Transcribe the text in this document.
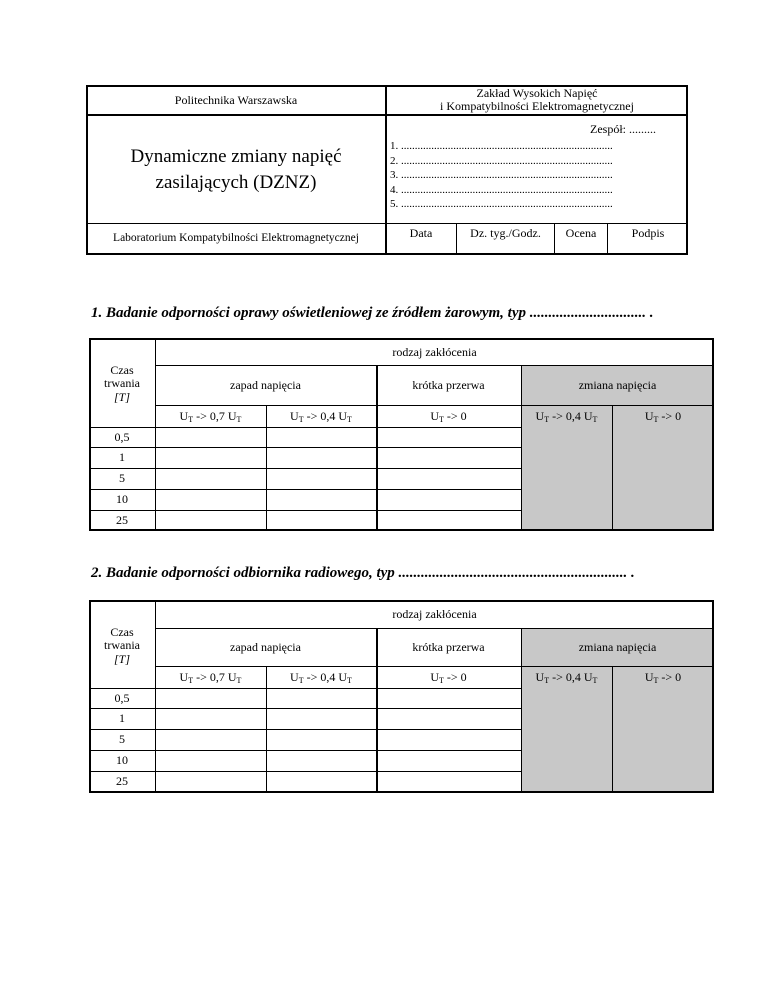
Politechnika Warszawska	Zakład Wysokich Napięć
i Kompatybilności Elektromagnetycznej
Dynamiczne zmiany napięć
zasilających (DZNZ)
Laboratorium Kompatybilności Elektromagnetycznej
Zespół: .........
1. .............................................................................
2. .............................................................................
3. .............................................................................
4. .............................................................................
5. .............................................................................
Data	Dz. tyg./Godz.	Ocena	Podpis
1. Badanie odporności oprawy oświetleniowej ze źródłem żarowym, typ ............................... .
Czas
trwania
[T]
rodzaj zakłócenia
zapad napięcia	krótka przerwa	zmiana napięcia
$U_T -> 0,7$ $U_T$	$U_T -> 0,4$ $U_T$	$U_T -> 0$	$U_T -> 0,4$ $U_T$	$U_T -> 0$
0,5
1
5
10
25
2. Badanie odporności odbiornika radiowego, typ ............................................................. .
Czas
trwania
[T]
rodzaj zakłócenia
zapad napięcia	krótka przerwa	zmiana napięcia
$U_T -> 0,7$ $U_T$	$U_T -> 0,4$ $U_T$	$U_T -> 0$	$U_T -> 0,4$ $U_T$	$U_T -> 0$
0,5
1
5
10
25
